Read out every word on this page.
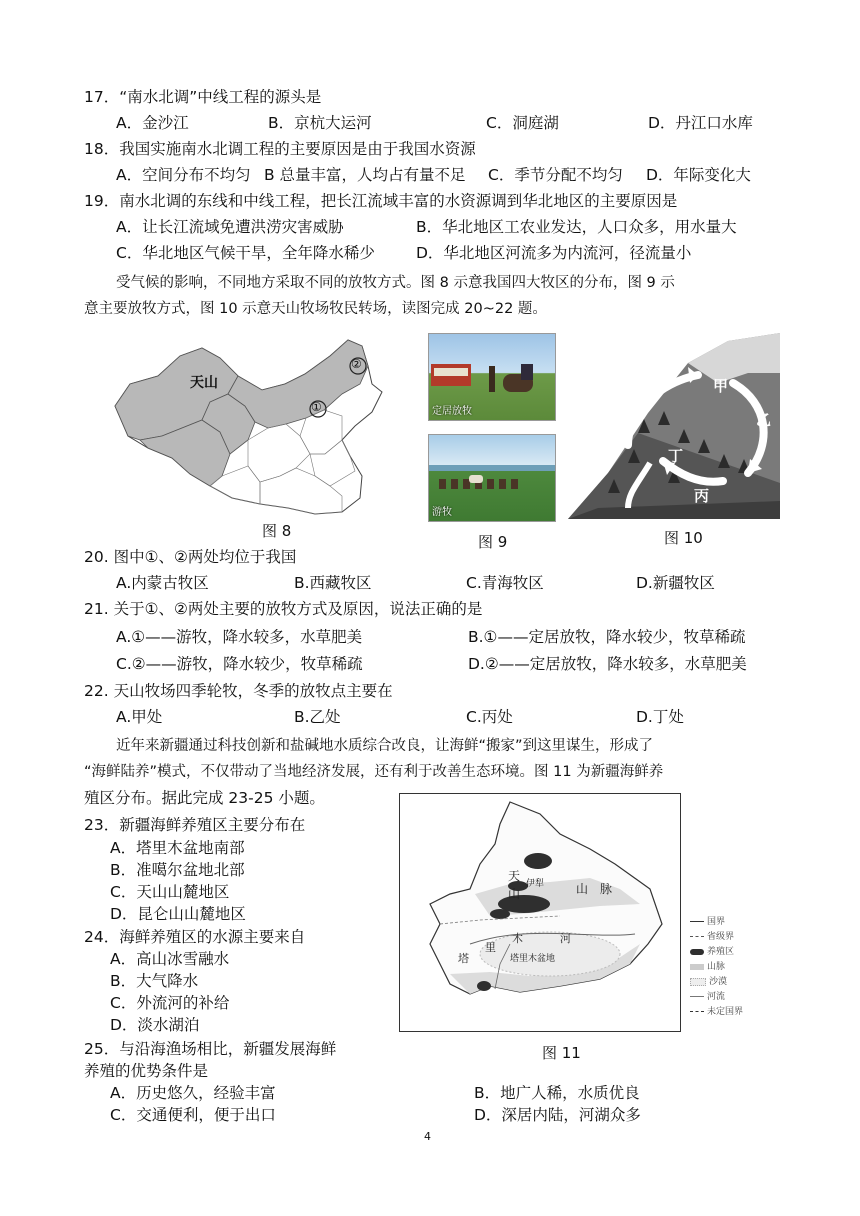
17．“南水北调”中线工程的源头是
A．金沙江	B．京杭大运河	C．洞庭湖	D．丹江口水库
18．我国实施南水北调工程的主要原因是由于我国水资源
A．空间分布不均匀 B 总量丰富，人均占有量不足 C．季节分配不均匀 D．年际变化大
19．南水北调的东线和中线工程，把长江流域丰富的水资源调到华北地区的主要原因是
A．让长江流域免遭洪涝灾害威胁	B．华北地区工农业发达，人口众多，用水量大
C．华北地区气候干旱，全年降水稀少	D．华北地区河流多为内流河，径流量小
受气候的影响，不同地方采取不同的放牧方式。图 8 示意我国四大牧区的分布，图 9 示
意主要放牧方式，图 10 示意天山牧场牧民转场，读图完成 20~22 题。
天山
①
②
图 8
定居放牧
游牧
图 9
甲
乙
丙
丁
图 10
20. 图中①、②两处均位于我国
A.内蒙古牧区	B.西藏牧区	C.青海牧区	D.新疆牧区
21. 关于①、②两处主要的放牧方式及原因，说法正确的是
A.①——游牧，降水较多，水草肥美	B.①——定居放牧，降水较少，牧草稀疏
C.②——游牧，降水较少，牧草稀疏	D.②——定居放牧，降水较多，水草肥美
22. 天山牧场四季轮牧，冬季的放牧点主要在
A.甲处	B.乙处	C.丙处	D.丁处
近年来新疆通过科技创新和盐碱地水质综合改良，让海鲜“搬家”到这里谋生，形成了
“海鲜陆养”模式，不仅带动了当地经济发展，还有利于改善生态环境。图 11 为新疆海鲜养
殖区分布。据此完成 23-25 小题。
23．新疆海鲜养殖区主要分布在
A．塔里木盆地南部
B．准噶尔盆地北部
C．天山山麓地区
D．昆仑山山麓地区
24．海鲜养殖区的水源主要来自
A．高山冰雪融水
B．大气降水
C．外流河的补给
D．淡水湖泊
25．与沿海渔场相比，新疆发展海鲜
养殖的优势条件是
A．历史悠久，经验丰富	B．地广人稀，水质优良
C．交通便利，便于出口	D．深居内陆，河湖众多
天
山
伊犁	山 脉
塔
里
木	河
塔里木盆地
国界
省级界
养殖区
山脉
沙漠
河流
未定国界
图 11
4
